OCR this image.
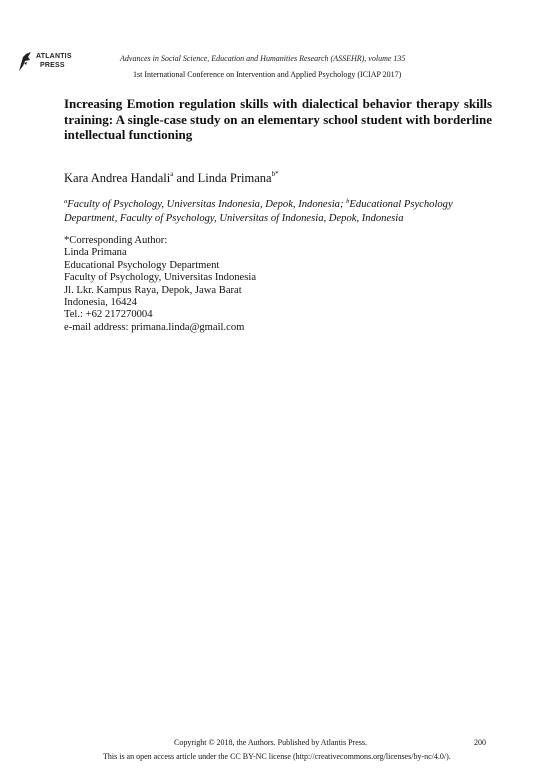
ATLANTIS
PRESS
Advances in Social Science, Education and Humanities Research (ASSEHR), volume 135
1st International Conference on Intervention and Applied Psychology (ICIAP 2017)
Increasing Emotion regulation skills with dialectical behavior therapy skills training: A single-case study on an elementary school student with borderline intellectual functioning
Kara Andrea Handali$^a$ and Linda Primana$^{b*}$
$^a$Faculty of Psychology, Universitas Indonesia, Depok, Indonesia; $^b$Educational Psychology Department, Faculty of Psychology, Universitas of Indonesia, Depok, Indonesia
*Corresponding Author:
Linda Primana
Educational Psychology Department
Faculty of Psychology, Universitas Indonesia
Jl. Lkr. Kampus Raya, Depok, Jawa Barat
Indonesia, 16424
Tel.: +62 217270004
e-mail address: primana.linda@gmail.com
Copyright © 2018, the Authors. Published by Atlantis Press.	200
This is an open access article under the CC BY-NC license (http://creativecommons.org/licenses/by-nc/4.0/).
